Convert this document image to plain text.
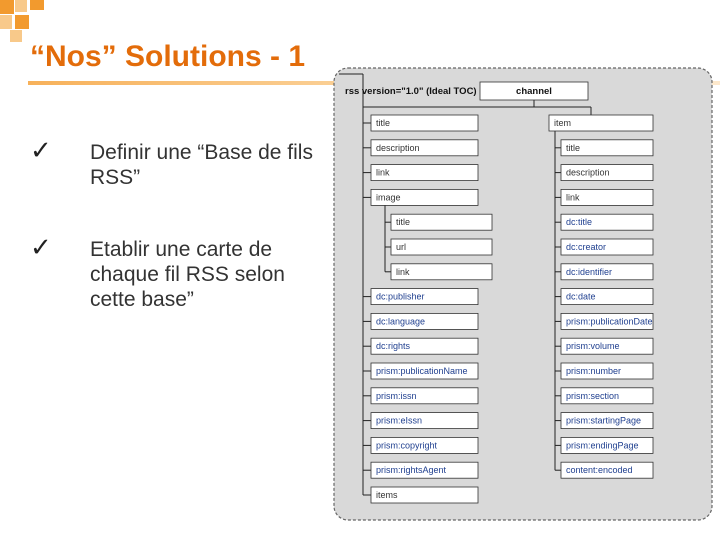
“Nos” Solutions - 1
✓ Definir une “Base de fils RSS”
✓ Etablir une carte de chaque fil RSS selon cette base”
rss version="1.0" (Ideal TOC)	channel
title
description
link
image
title
url
link
dc:publisher
dc:language
dc:rights
prism:publicationName
prism:issn
prism:eIssn
prism:copyright
prism:rightsAgent
items
item
title
description
link
dc:title
dc:creator
dc:identifier
dc:date
prism:publicationDate
prism:volume
prism:number
prism:section
prism:startingPage
prism:endingPage
content:encoded
